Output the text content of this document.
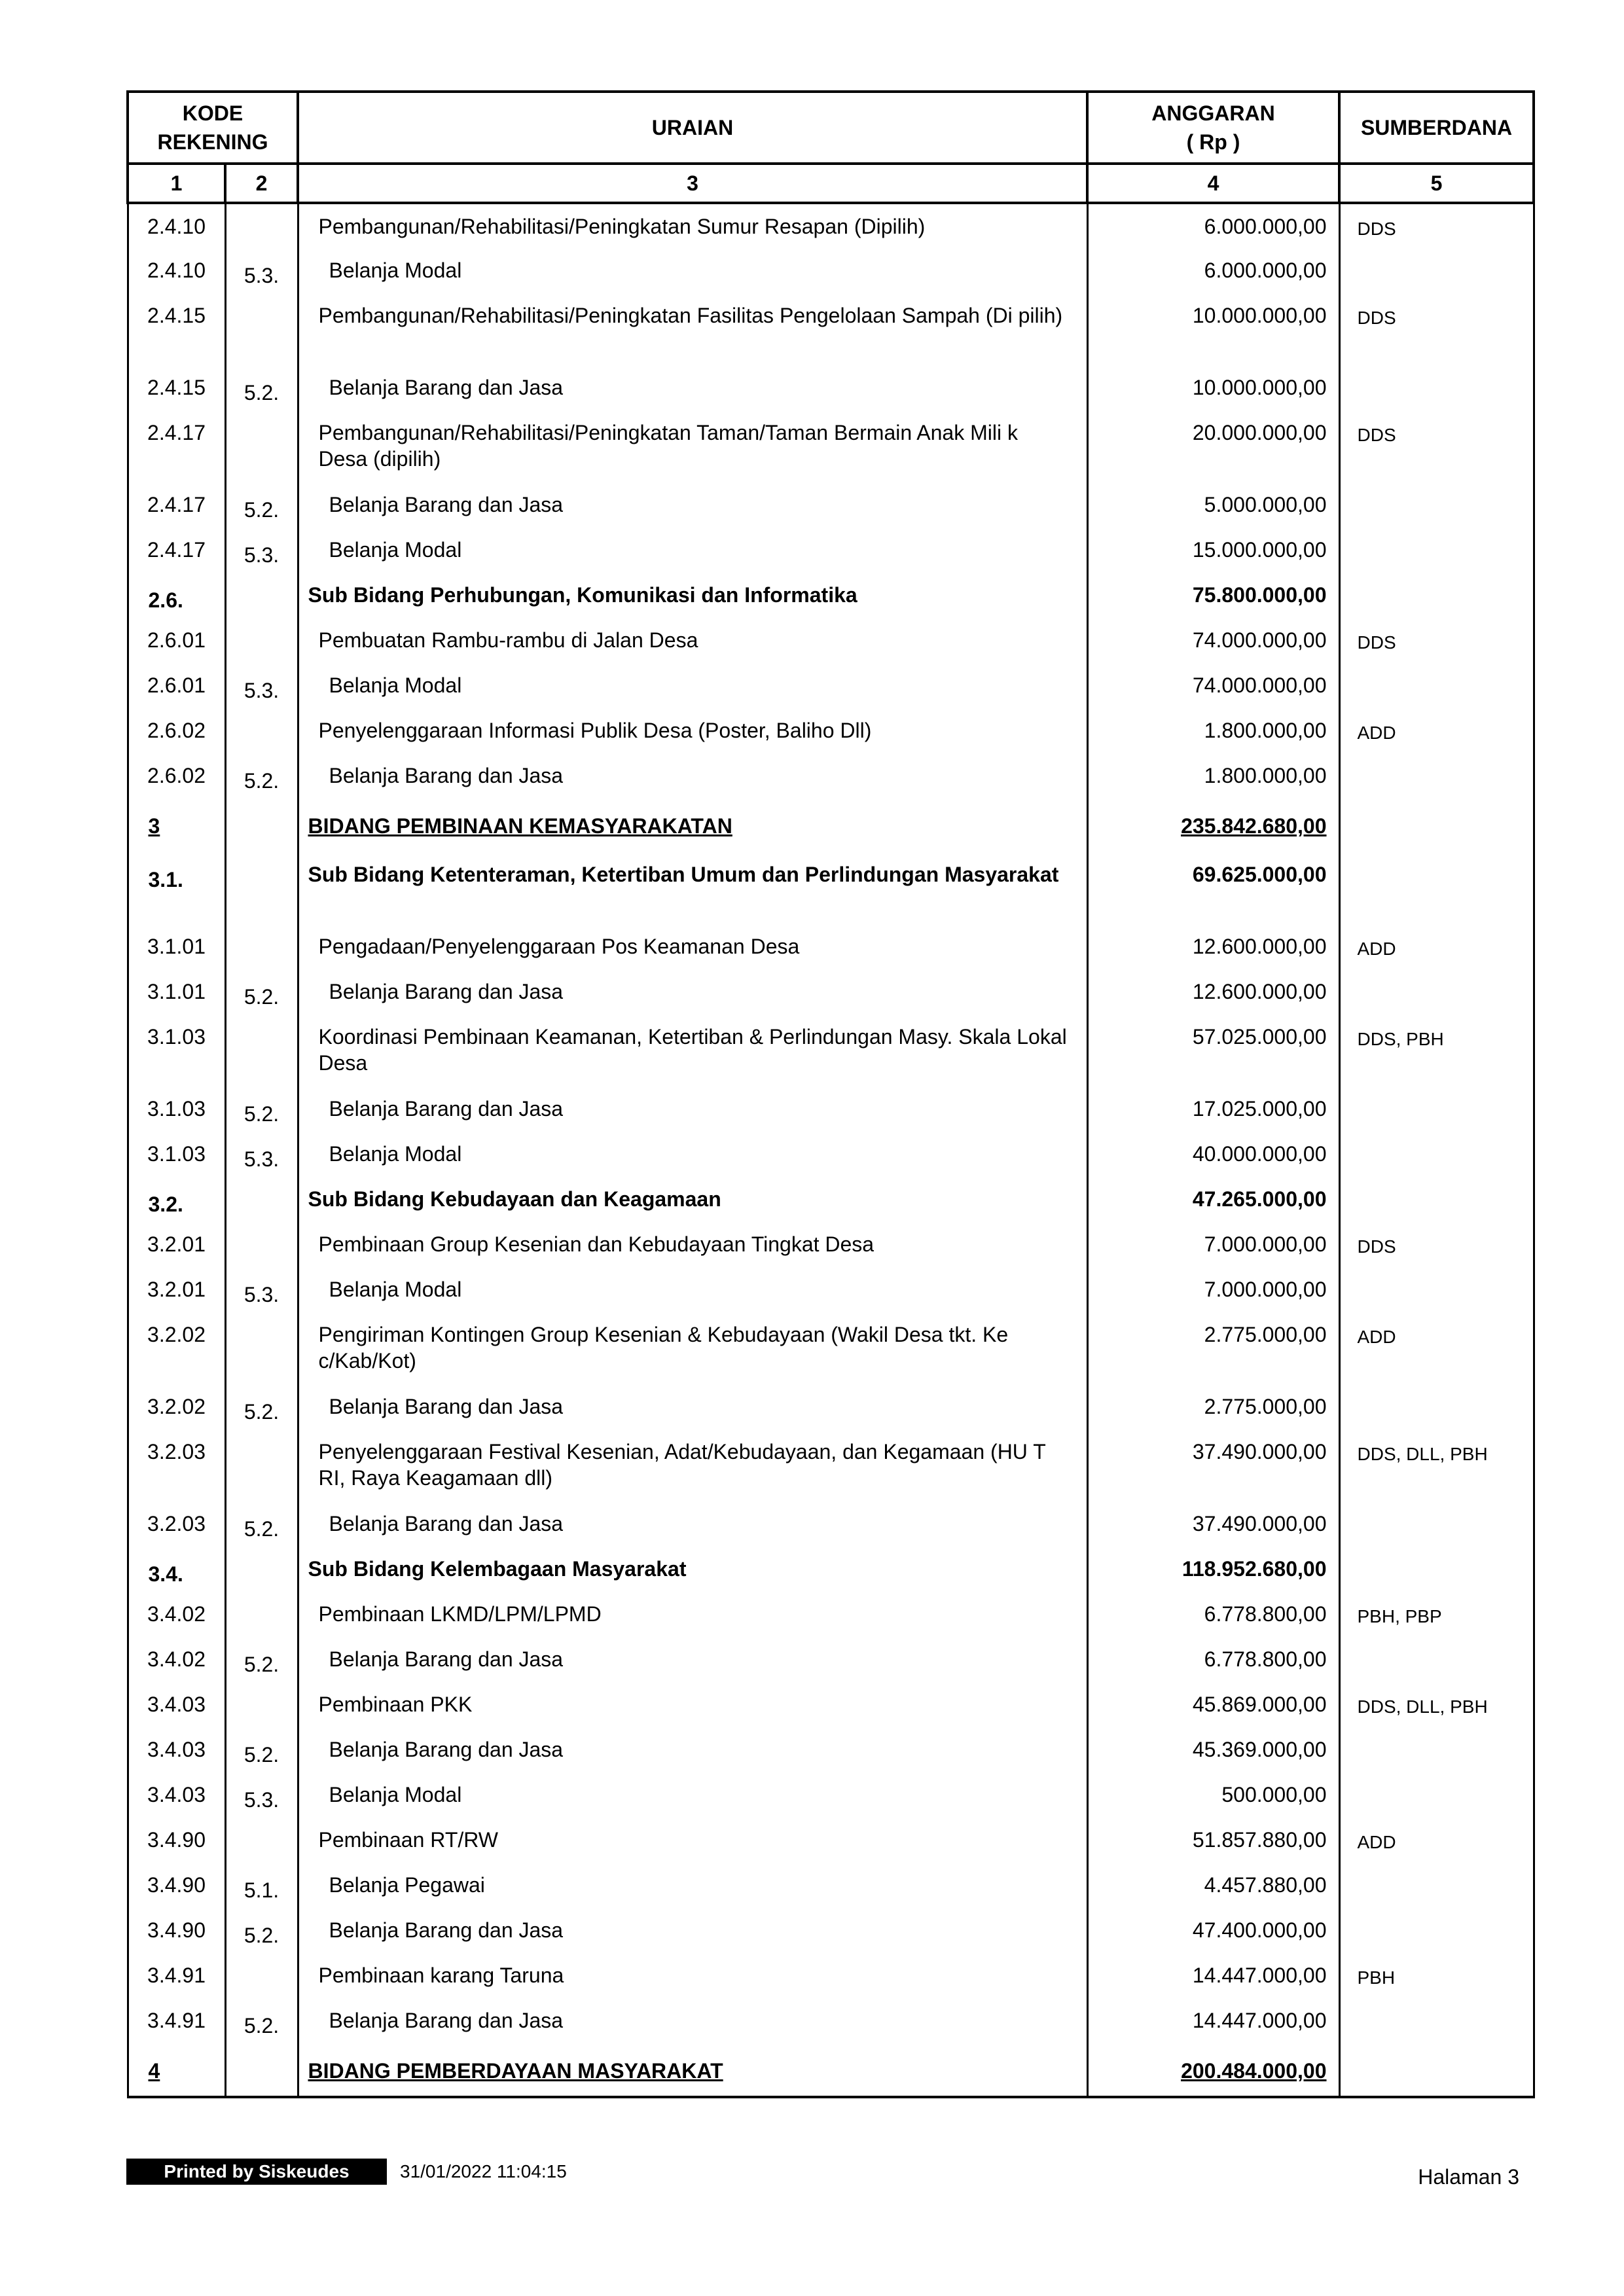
KODE
REKENING		URAIAN	ANGGARAN
( Rp )	SUMBERDANA
1	2	3	4	5
2.4.10		Pembangunan/Rehabilitasi/Peningkatan Sumur Resapan (Dipilih)	6.000.000,00	DDS
2.4.10	5.3.	Belanja Modal	6.000.000,00	
2.4.15		Pembangunan/Rehabilitasi/Peningkatan Fasilitas Pengelolaan Sampah (Di pilih)	10.000.000,00	DDS
2.4.15	5.2.	Belanja Barang dan Jasa	10.000.000,00	
2.4.17		Pembangunan/Rehabilitasi/Peningkatan Taman/Taman Bermain Anak Mili k Desa (dipilih)	20.000.000,00	DDS
2.4.17	5.2.	Belanja Barang dan Jasa	5.000.000,00	
2.4.17	5.3.	Belanja Modal	15.000.000,00	
2.6.		Sub Bidang Perhubungan, Komunikasi dan Informatika	75.800.000,00	
2.6.01		Pembuatan Rambu-rambu di Jalan Desa	74.000.000,00	DDS
2.6.01	5.3.	Belanja Modal	74.000.000,00	
2.6.02		Penyelenggaraan Informasi Publik Desa (Poster, Baliho Dll)	1.800.000,00	ADD
2.6.02	5.2.	Belanja Barang dan Jasa	1.800.000,00	
3		BIDANG PEMBINAAN KEMASYARAKATAN	235.842.680,00	
3.1.		Sub Bidang Ketenteraman, Ketertiban Umum dan Perlindungan Masyarakat	69.625.000,00	
3.1.01		Pengadaan/Penyelenggaraan Pos Keamanan Desa	12.600.000,00	ADD
3.1.01	5.2.	Belanja Barang dan Jasa	12.600.000,00	
3.1.03		Koordinasi Pembinaan Keamanan, Ketertiban & Perlindungan Masy. Skala Lokal Desa	57.025.000,00	DDS, PBH
3.1.03	5.2.	Belanja Barang dan Jasa	17.025.000,00	
3.1.03	5.3.	Belanja Modal	40.000.000,00	
3.2.		Sub Bidang Kebudayaan dan Keagamaan	47.265.000,00	
3.2.01		Pembinaan Group Kesenian dan Kebudayaan Tingkat Desa	7.000.000,00	DDS
3.2.01	5.3.	Belanja Modal	7.000.000,00	
3.2.02		Pengiriman Kontingen Group Kesenian & Kebudayaan (Wakil Desa tkt. Ke c/Kab/Kot)	2.775.000,00	ADD
3.2.02	5.2.	Belanja Barang dan Jasa	2.775.000,00	
3.2.03		Penyelenggaraan Festival Kesenian, Adat/Kebudayaan, dan Kegamaan (HU T RI, Raya Keagamaan dll)	37.490.000,00	DDS, DLL, PBH
3.2.03	5.2.	Belanja Barang dan Jasa	37.490.000,00	
3.4.		Sub Bidang Kelembagaan Masyarakat	118.952.680,00	
3.4.02		Pembinaan LKMD/LPM/LPMD	6.778.800,00	PBH, PBP
3.4.02	5.2.	Belanja Barang dan Jasa	6.778.800,00	
3.4.03		Pembinaan PKK	45.869.000,00	DDS, DLL, PBH
3.4.03	5.2.	Belanja Barang dan Jasa	45.369.000,00	
3.4.03	5.3.	Belanja Modal	500.000,00	
3.4.90		Pembinaan RT/RW	51.857.880,00	ADD
3.4.90	5.1.	Belanja Pegawai	4.457.880,00	
3.4.90	5.2.	Belanja Barang dan Jasa	47.400.000,00	
3.4.91		Pembinaan karang Taruna	14.447.000,00	PBH
3.4.91	5.2.	Belanja Barang dan Jasa	14.447.000,00	
4		BIDANG PEMBERDAYAAN MASYARAKAT	200.484.000,00	
Printed by Siskeudes	31/01/2022 11:04:15	Halaman 3
